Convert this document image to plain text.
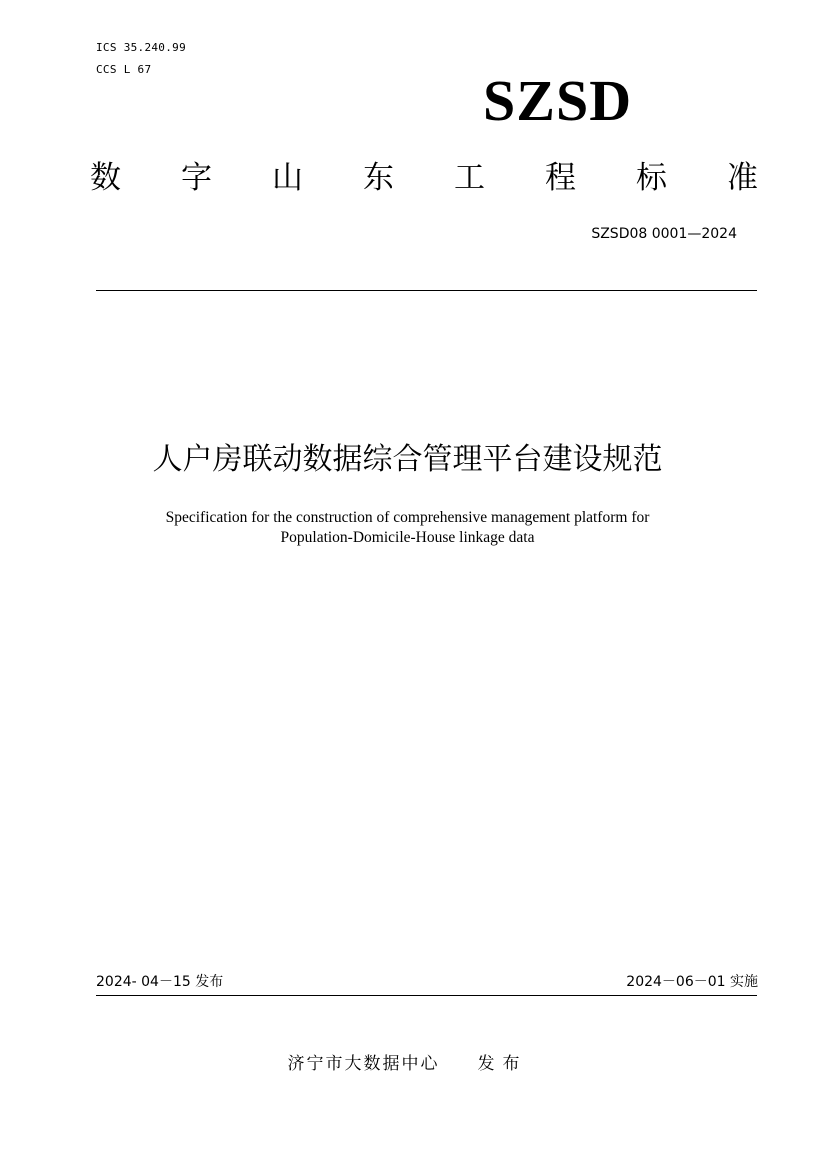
ICS 35.240.99
CCS L 67	SZSD
数 字 山 东 工 程 标 准
SZSD08 0001—2024
人户房联动数据综合管理平台建设规范
Specification for the construction of comprehensive management platform for
Population-Domicile-House linkage data
2024- 04－15 发布	2024－06－01 实施
济宁市大数据中心 发布
